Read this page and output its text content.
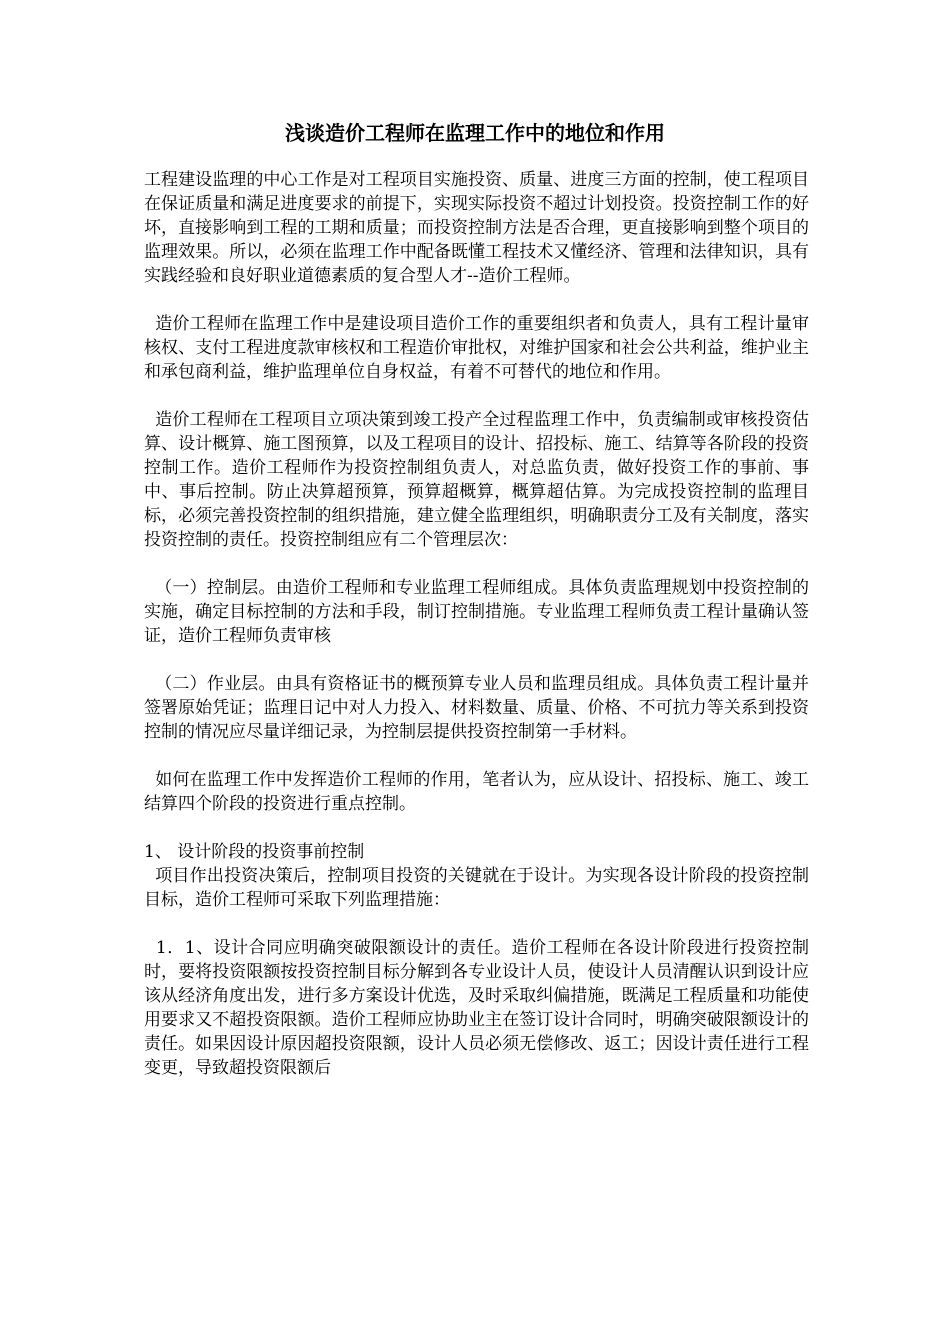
浅谈造价工程师在监理工作中的地位和作用

工程建设监理的中心工作是对工程项目实施投资、质量、进度三方面的控制，使工程项目在保证质量和满足进度要求的前提下，实现实际投资不超过计划投资。投资控制工作的好坏，直接影响到工程的工期和质量；而投资控制方法是否合理，更直接影响到整个项目的监理效果。所以，必须在监理工作中配备既懂工程技术又懂经济、管理和法律知识，具有实践经验和良好职业道德素质的复合型人才--造价工程师。

造价工程师在监理工作中是建设项目造价工作的重要组织者和负责人，具有工程计量审核权、支付工程进度款审核权和工程造价审批权，对维护国家和社会公共利益，维护业主和承包商利益，维护监理单位自身权益，有着不可替代的地位和作用。

造价工程师在工程项目立项决策到竣工投产全过程监理工作中，负责编制或审核投资估算、设计概算、施工图预算，以及工程项目的设计、招投标、施工、结算等各阶段的投资控制工作。造价工程师作为投资控制组负责人，对总监负责，做好投资工作的事前、事中、事后控制。防止决算超预算，预算超概算，概算超估算。为完成投资控制的监理目标，必须完善投资控制的组织措施，建立健全监理组织，明确职责分工及有关制度，落实投资控制的责任。投资控制组应有二个管理层次：

（一）控制层。由造价工程师和专业监理工程师组成。具体负责监理规划中投资控制的实施，确定目标控制的方法和手段，制订控制措施。专业监理工程师负责工程计量确认签证，造价工程师负责审核

（二）作业层。由具有资格证书的概预算专业人员和监理员组成。具体负责工程计量并签署原始凭证；监理日记中对人力投入、材料数量、质量、价格、不可抗力等关系到投资控制的情况应尽量详细记录，为控制层提供投资控制第一手材料。

如何在监理工作中发挥造价工程师的作用，笔者认为，应从设计、招投标、施工、竣工结算四个阶段的投资进行重点控制。

1、 设计阶段的投资事前控制

项目作出投资决策后，控制项目投资的关键就在于设计。为实现各设计阶段的投资控制目标，造价工程师可采取下列监理措施：

1．1、设计合同应明确突破限额设计的责任。造价工程师在各设计阶段进行投资控制时，要将投资限额按投资控制目标分解到各专业设计人员，使设计人员清醒认识到设计应该从经济角度出发，进行多方案设计优选，及时采取纠偏措施，既满足工程质量和功能使用要求又不超投资限额。造价工程师应协助业主在签订设计合同时，明确突破限额设计的责任。如果因设计原因超投资限额，设计人员必须无偿修改、返工；因设计责任进行工程变更，导致超投资限额后
